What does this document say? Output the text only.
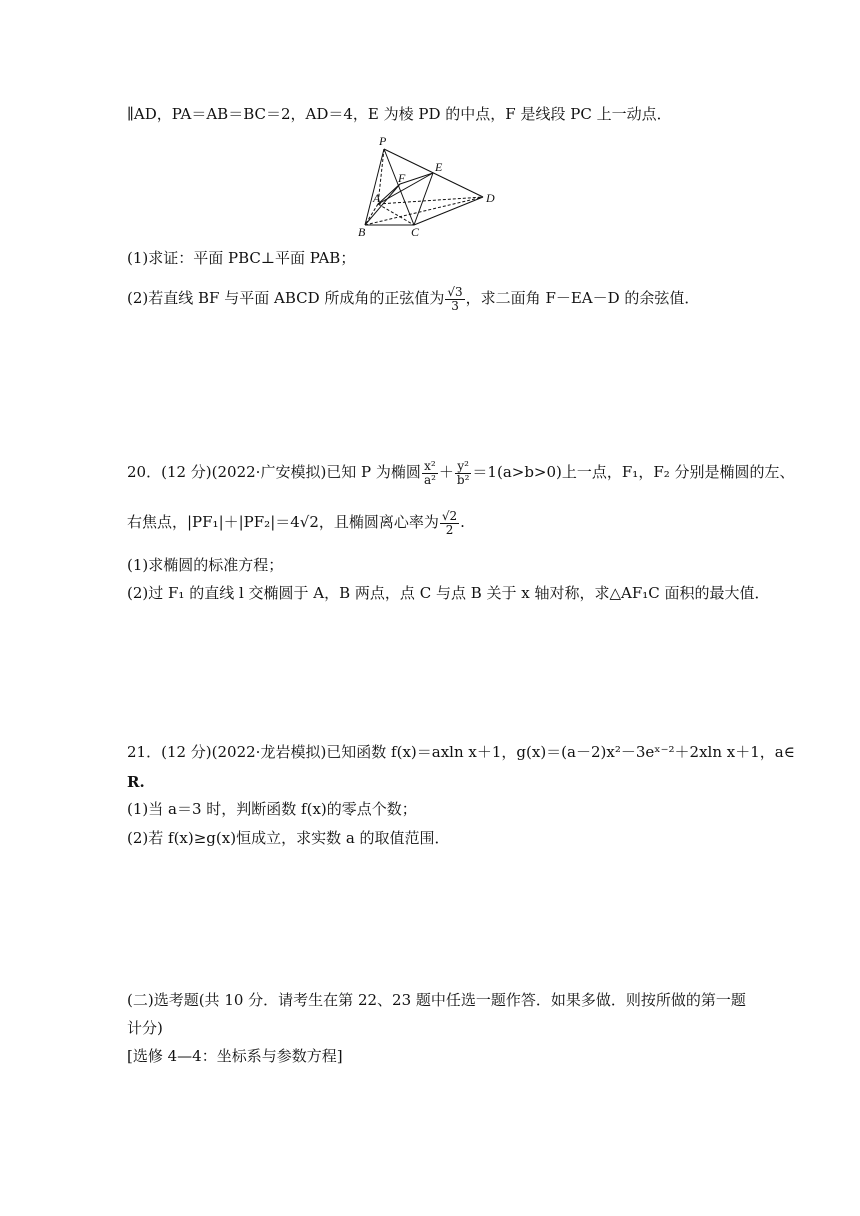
∥AD，PA＝AB＝BC＝2，AD＝4，E 为棱 PD 的中点，F 是线段 PC 上一动点．
P
E
F
A	D
B	C
(1)求证：平面 PBC⊥平面 PAB；
(2)若直线 BF 与平面 ABCD 所成角的正弦值为 $\frac{√3}{3}$ ，求二面角 F－EA－D 的余弦值．
20．(12 分)(2022·广安模拟)已知 P 为椭圆 $\frac{\text{x²}}{\text{a²}} + \frac{\text{y²}}{\text{b²}} =1(a>b>0)$上一点，F₁，F₂ 分别是椭圆的左、
右焦点，|PF₁|＋|PF₂|＝4√2，且椭圆离心率为 $\frac{√2}{2}$ .
(1)求椭圆的标准方程；
(2)过 F₁ 的直线 l 交椭圆于 A，B 两点，点 C 与点 B 关于 x 轴对称，求△AF₁C 面积的最大值．
21．(12 分)(2022·龙岩模拟)已知函数 f(x)＝axln x＋1，g(x)＝(a－2)x²－3eˣ⁻²＋2xln x＋1，a∈
R.
(1)当 a＝3 时，判断函数 f(x)的零点个数；
(2)若 f(x)≥g(x)恒成立，求实数 a 的取值范围．
(二)选考题(共 10 分．请考生在第 22、23 题中任选一题作答．如果多做．则按所做的第一题
计分)
[选修 4—4：坐标系与参数方程]
